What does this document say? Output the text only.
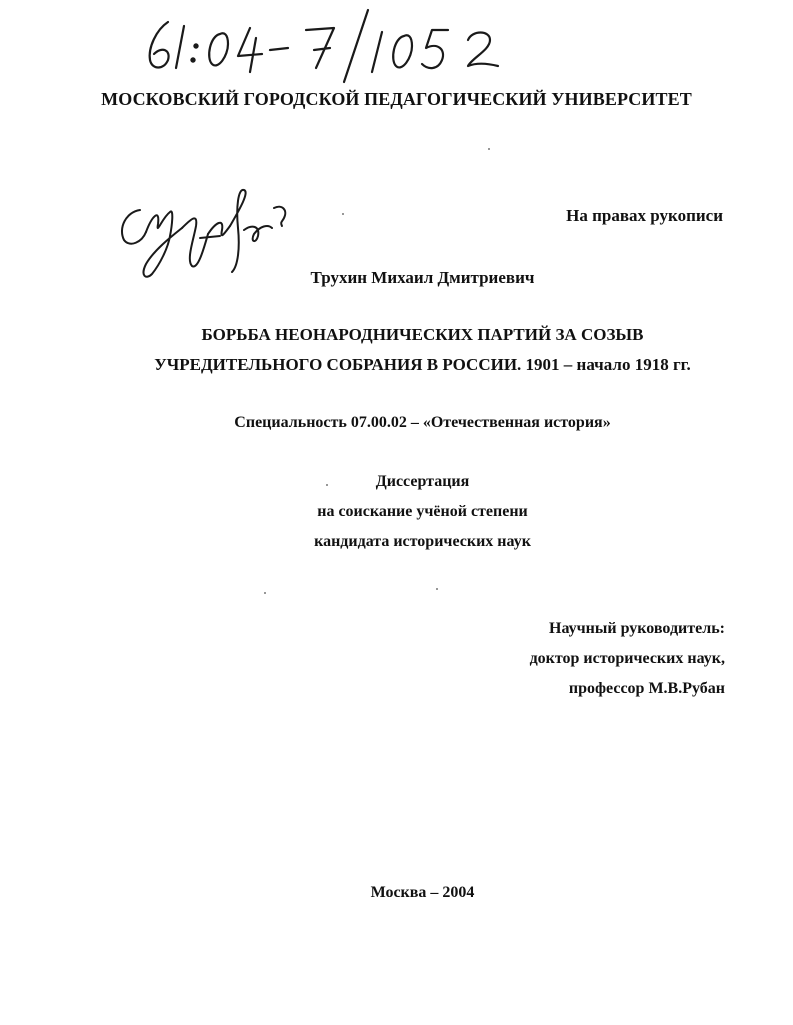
МОСКОВСКИЙ ГОРОДСКОЙ ПЕДАГОГИЧЕСКИЙ УНИВЕРСИТЕТ
На правах рукописи
Трухин Михаил Дмитриевич
БОРЬБА НЕОНАРОДНИЧЕСКИХ ПАРТИЙ ЗА СОЗЫВ
УЧРЕДИТЕЛЬНОГО СОБРАНИЯ В РОССИИ. 1901 – начало 1918 гг.
Специальность 07.00.02 – «Отечественная история»
Диссертация
на соискание учёной степени
кандидата исторических наук
Научный руководитель:
доктор исторических наук,
профессор М.В.Рубан
Москва – 2004
